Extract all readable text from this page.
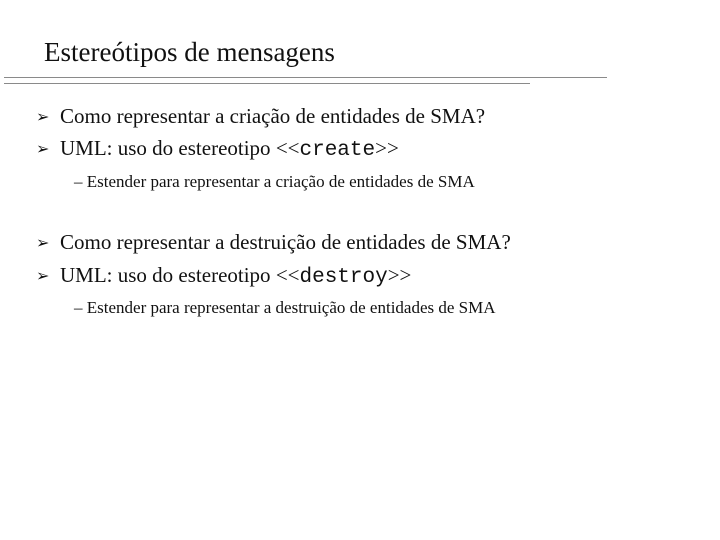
Estereótipos de mensagens
➢ Como representar a criação de entidades de SMA?
➢ UML: uso do estereotipo <<create>>
– Estender para representar a criação de entidades de SMA
➢ Como representar a destruição de entidades de SMA?
➢ UML: uso do estereotipo <<destroy>>
– Estender para representar a destruição de entidades de SMA
